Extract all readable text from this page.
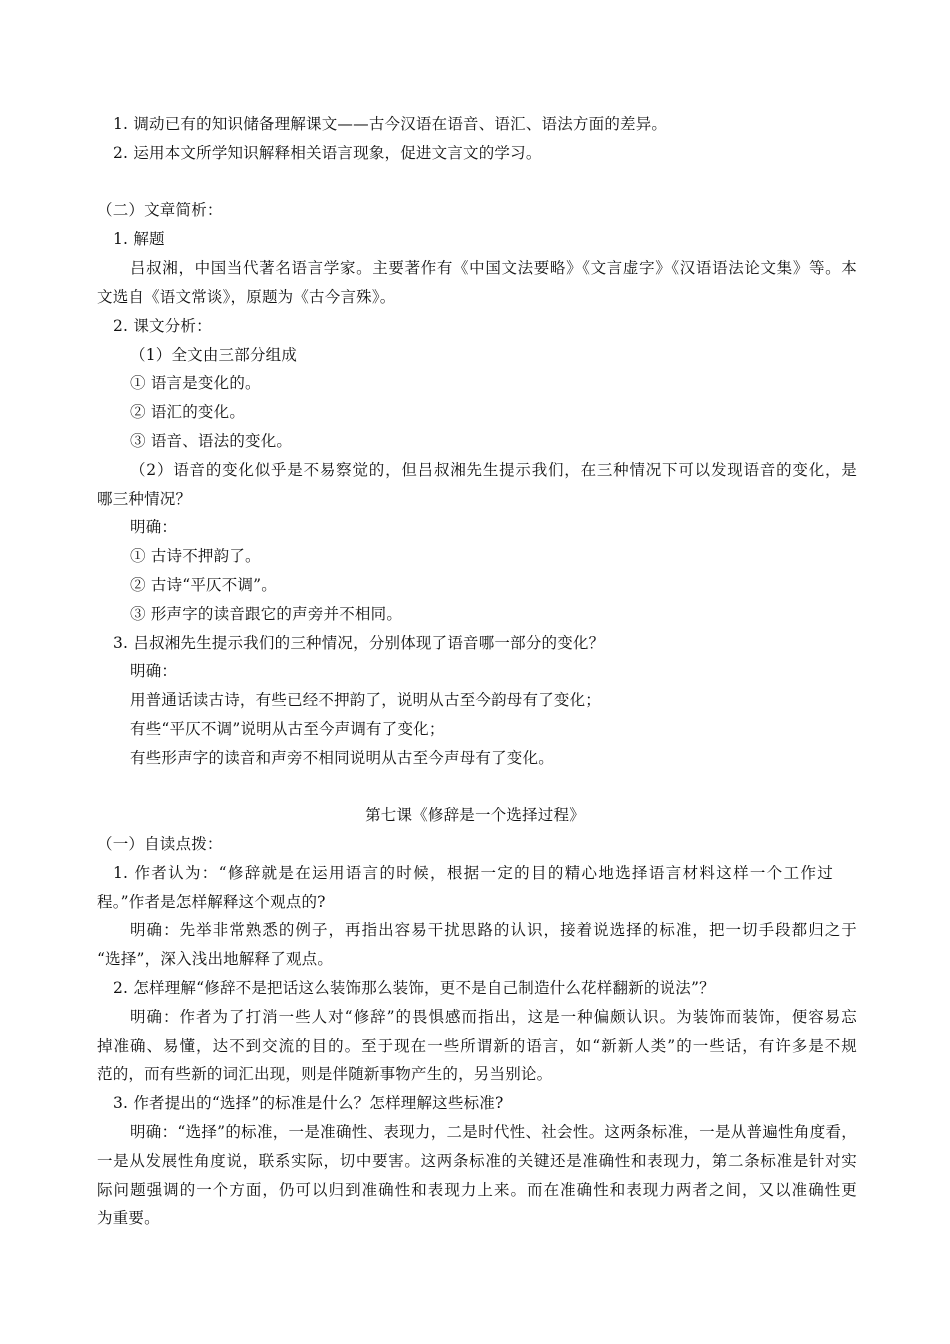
1. 调动已有的知识储备理解课文——古今汉语在语音、语汇、语法方面的差异。
2. 运用本文所学知识解释相关语言现象，促进文言文的学习。
（二）文章简析：
1. 解题
吕叔湘，中国当代著名语言学家。主要著作有《中国文法要略》《文言虚字》《汉语语法论文集》等。本
文选自《语文常谈》，原题为《古今言殊》。
2. 课文分析：
（1）全文由三部分组成
① 语言是变化的。
② 语汇的变化。
③ 语音、语法的变化。
（2）语音的变化似乎是不易察觉的，但吕叔湘先生提示我们，在三种情况下可以发现语音的变化，是
哪三种情况？
明确：
① 古诗不押韵了。
② 古诗“平仄不调”。
③ 形声字的读音跟它的声旁并不相同。
3. 吕叔湘先生提示我们的三种情况，分别体现了语音哪一部分的变化？
明确：
用普通话读古诗，有些已经不押韵了，说明从古至今韵母有了变化；
有些“平仄不调”说明从古至今声调有了变化；
有些形声字的读音和声旁不相同说明从古至今声母有了变化。
第七课《修辞是一个选择过程》
（一）自读点拨：
1. 作者认为：“修辞就是在运用语言的时候，根据一定的目的精心地选择语言材料这样一个工作过
程。”作者是怎样解释这个观点的?
明确：先举非常熟悉的例子，再指出容易干扰思路的认识，接着说选择的标准，把一切手段都归之于
“选择”，深入浅出地解释了观点。
2. 怎样理解“修辞不是把话这么装饰那么装饰，更不是自己制造什么花样翻新的说法”？
明确：作者为了打消一些人对“修辞”的畏惧感而指出，这是一种偏颇认识。为装饰而装饰，便容易忘
掉准确、易懂，达不到交流的目的。至于现在一些所谓新的语言，如“新新人类”的一些话，有许多是不规
范的，而有些新的词汇出现，则是伴随新事物产生的，另当别论。
3. 作者提出的“选择”的标准是什么？怎样理解这些标准?
明确：“选择”的标准，一是准确性、表现力，二是时代性、社会性。这两条标准，一是从普遍性角度看，
一是从发展性角度说，联系实际，切中要害。这两条标准的关键还是准确性和表现力，第二条标准是针对实
际问题强调的一个方面，仍可以归到准确性和表现力上来。而在准确性和表现力两者之间，又以准确性更
为重要。
